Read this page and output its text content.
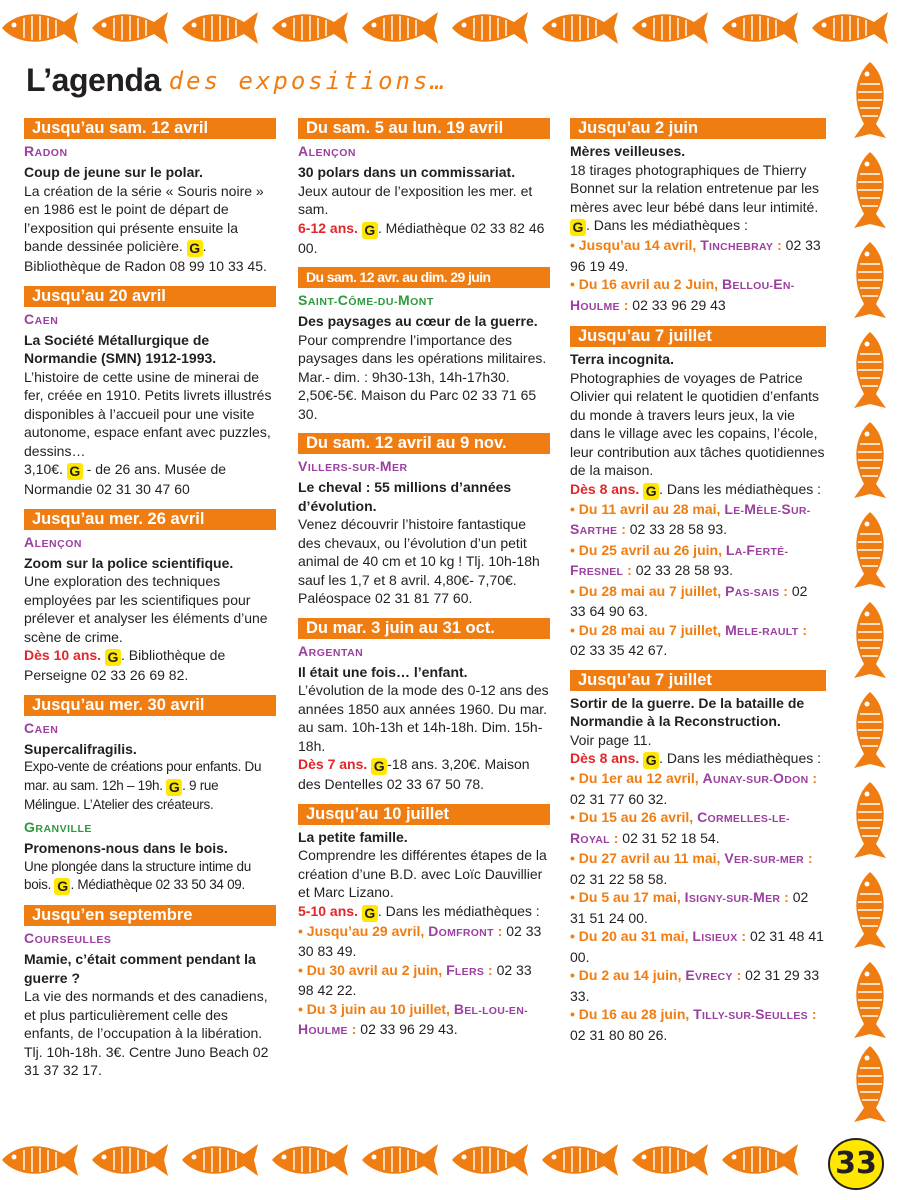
L’agenda des expositions…
Jusqu’au sam. 12 avril
RADON
Coup de jeune sur le polar.
La création de la série « Souris noire » en 1986 est le point de départ de l’exposition qui présente ensuite la bande dessinée policière. G . Bibliothèque de Radon 08 99 10 33 45.
Jusqu’au 20 avril
CAEN
La Société Métallurgique de Normandie (SMN) 1912-1993.
L’histoire de cette usine de minerai de fer, créée en 1910. Petits livrets illustrés disponibles à l’accueil pour une visite autonome, espace enfant avec puzzles, dessins…
3,10€. G - de 26 ans. Musée de Normandie 02 31 30 47 60
Jusqu’au mer. 26 avril
ALENÇON
Zoom sur la police scientifique.
Une exploration des techniques employées par les scientifiques pour prélever et analyser les éléments d’une scène de crime.
Dès 10 ans. G . Bibliothèque de Perseigne 02 33 26 69 82.
Jusqu’au mer. 30 avril
CAEN
Supercalifragilis.
Expo-vente de créations pour enfants. Du mar. au sam. 12h – 19h. G . 9 rue Mélingue. L’Atelier des créateurs.
GRANVILLE
Promenons-nous dans le bois.
Une plongée dans la structure intime du bois. G . Médiathèque 02 33 50 34 09.
Jusqu’en septembre
COURSEULLES
Mamie, c’était comment pendant la guerre ?
La vie des normands et des canadiens, et plus particulièrement celle des enfants, de l’occupation à la libération. Tlj. 10h-18h. 3€. Centre Juno Beach 02 31 37 32 17.
Du sam. 5 au lun. 19 avril
ALENÇON
30 polars dans un commissariat.
Jeux autour de l’exposition les mer. et sam.
6-12 ans. G . Médiathèque 02 33 82 46 00.
Du sam. 12 avr. au dim. 29 juin
SAINT-CÔME-DU-MONT
Des paysages au cœur de la guerre.
Pour comprendre l’importance des paysages dans les opérations militaires. Mar.- dim. : 9h30-13h, 14h-17h30. 2,50€-5€. Maison du Parc 02 33 71 65 30.
Du sam. 12 avril au 9 nov.
VILLERS-SUR-MER
Le cheval : 55 millions d’années d’évolution.
Venez découvrir l’histoire fantastique des chevaux, ou l’évolution d’un petit animal de 40 cm et 10 kg ! Tlj. 10h-18h sauf les 1,7 et 8 avril. 4,80€- 7,70€. Paléospace 02 31 81 77 60.
Du mar. 3 juin au 31 oct.
ARGENTAN
Il était une fois… l’enfant.
L’évolution de la mode des 0-12 ans des années 1850 aux années 1960. Du mar. au sam. 10h-13h et 14h-18h. Dim. 15h-18h.
Dès 7 ans. G -18 ans. 3,20€. Maison des Dentelles 02 33 67 50 78.
Jusqu’au 10 juillet
La petite famille.
Comprendre les différentes étapes de la création d’une B.D. avec Loïc Dauvillier et Marc Lizano.
5-10 ans. G . Dans les médiathèques :
• Jusqu’au 29 avril, DOMFRONT : 02 33 30 83 49.
• Du 30 avril au 2 juin, FLERS : 02 33 98 42 22.
• Du 3 juin au 10 juillet, BEL-LOU-EN-HOULME : 02 33 96 29 43.
Jusqu’au 2 juin
Mères veilleuses.
18 tirages photographiques de Thierry Bonnet sur la relation entretenue par les mères avec leur bébé dans leur intimité.
G . Dans les médiathèques :
• Jusqu’au 14 avril, TINCHEBRAY : 02 33 96 19 49.
• Du 16 avril au 2 Juin, BELLOU-EN-HOULME : 02 33 96 29 43
Jusqu’au 7 juillet
Terra incognita.
Photographies de voyages de Patrice Olivier qui relatent le quotidien d’enfants du monde à travers leurs jeux, la vie dans le village avec les copains, l’école, leur contribution aux tâches quotidiennes de la maison.
Dès 8 ans. G . Dans les médiathèques :
• Du 11 avril au 28 mai, LE-MÈLE-SUR-SARTHE : 02 33 28 58 93.
• Du 25 avril au 26 juin, LA-FERTÉ-FRESNEL : 02 33 28 58 93.
• Du 28 mai au 7 juillet, PAS-SAIS : 02 33 64 90 63.
• Du 28 mai au 7 juillet, MELE-RAULT : 02 33 35 42 67.
Jusqu’au 7 juillet
Sortir de la guerre. De la bataille de Normandie à la Reconstruction.
Voir page 11.
Dès 8 ans. G . Dans les médiathèques :
• Du 1er au 12 avril, AUNAY-SUR-ODON : 02 31 77 60 32.
• Du 15 au 26 avril, CORMELLES-LE-ROYAL : 02 31 52 18 54.
• Du 27 avril au 11 mai, VER-SUR-MER : 02 31 22 58 58.
• Du 5 au 17 mai, ISIGNY-SUR-MER : 02 31 51 24 00.
• Du 20 au 31 mai, LISIEUX : 02 31 48 41 00.
• Du 2 au 14 juin, EVRECY : 02 31 29 33 33.
• Du 16 au 28 juin, TILLY-SUR-SEULLES : 02 31 80 80 26.
33
